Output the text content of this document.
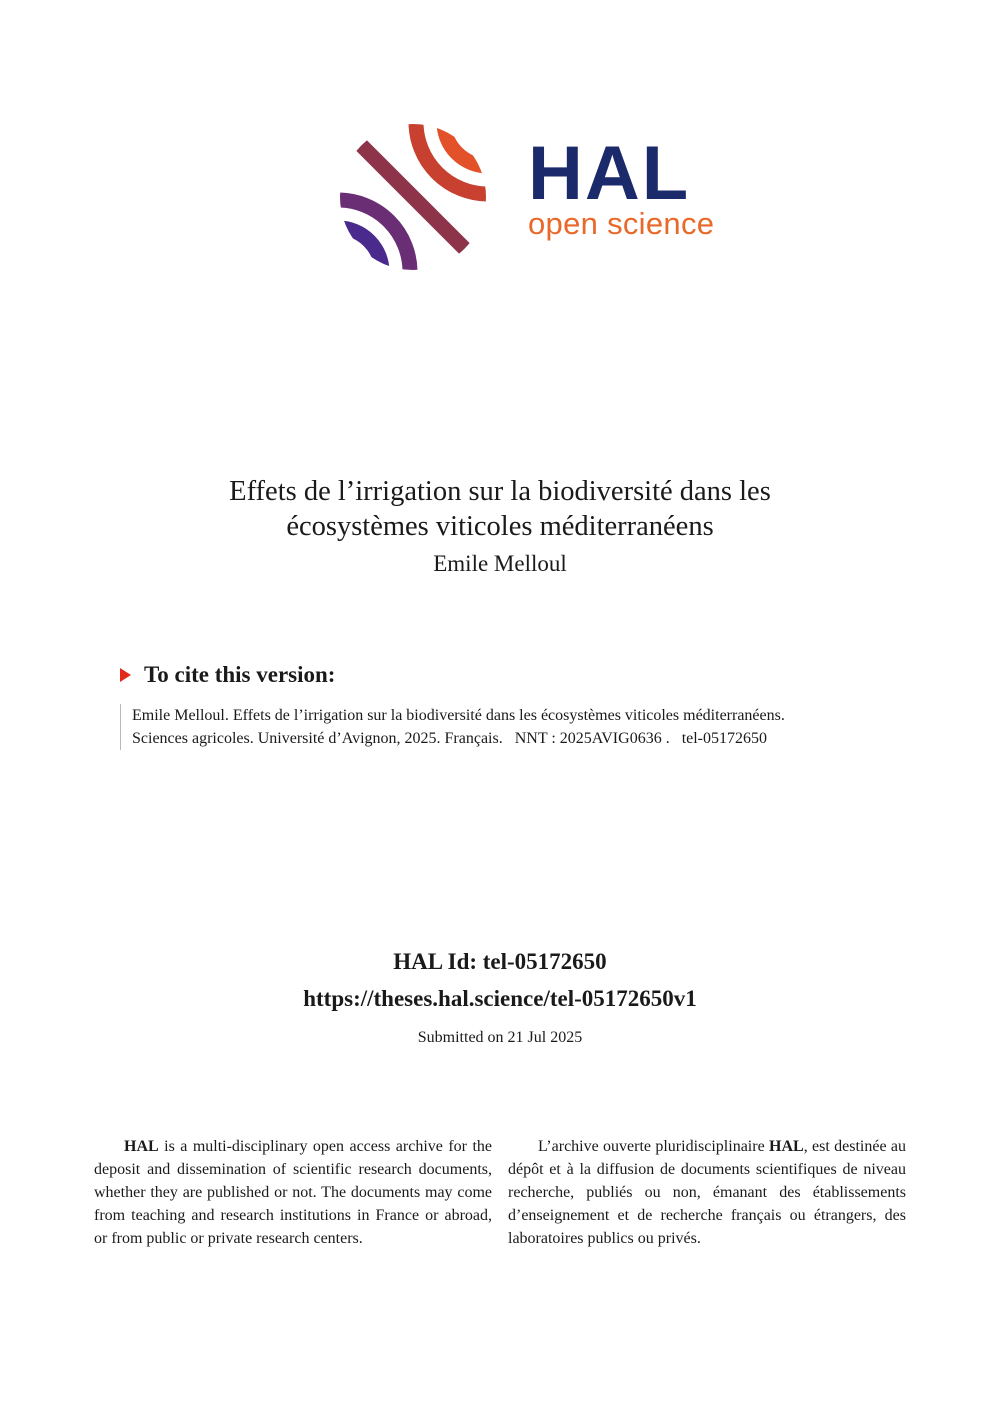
HAL
open science
Effets de l’irrigation sur la biodiversité dans les
écosystèmes viticoles méditerranéens
Emile Melloul
To cite this version:
Emile Melloul. Effets de l’irrigation sur la biodiversité dans les écosystèmes viticoles méditerranéens.
Sciences agricoles. Université d’Avignon, 2025. Français. NNT : 2025AVIG0636 . tel-05172650
HAL Id: tel-05172650
https://theses.hal.science/tel-05172650v1
Submitted on 21 Jul 2025

HAL is a multi-disciplinary open access archive for the deposit and dissemination of scientific research documents, whether they are published or not. The documents may come from teaching and research institutions in France or abroad, or from public or private research centers.

L’archive ouverte pluridisciplinaire HAL, est destinée au dépôt et à la diffusion de documents scientifiques de niveau recherche, publiés ou non, émanant des établissements d’enseignement et de recherche français ou étrangers, des laboratoires publics ou privés.
